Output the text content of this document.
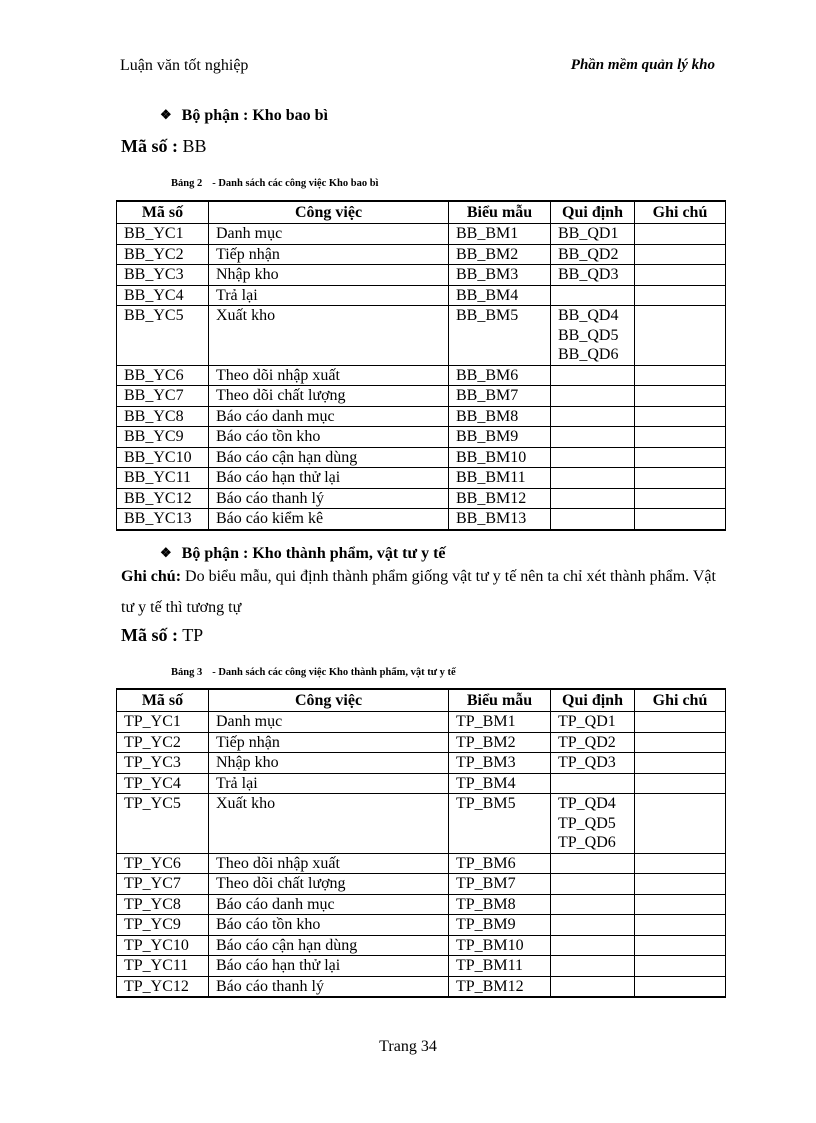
Luận văn tốt nghiệp	Phần mềm quản lý kho
❖ Bộ phận : Kho bao bì
Mã số : BB
Bảng 2 - Danh sách các công việc Kho bao bì
Mã số	Công việc	Biểu mẫu	Qui định	Ghi chú
BB_YC1	Danh mục	BB_BM1	BB_QD1	
BB_YC2	Tiếp nhận	BB_BM2	BB_QD2	
BB_YC3	Nhập kho	BB_BM3	BB_QD3	
BB_YC4	Trả lại	BB_BM4		
BB_YC5	Xuất kho	BB_BM5	BB_QD4
BB_QD5
BB_QD6	
BB_YC6	Theo dõi nhập xuất	BB_BM6		
BB_YC7	Theo dõi chất lượng	BB_BM7		
BB_YC8	Báo cáo danh mục	BB_BM8		
BB_YC9	Báo cáo tồn kho	BB_BM9		
BB_YC10	Báo cáo cận hạn dùng	BB_BM10		
BB_YC11	Báo cáo hạn thử lại	BB_BM11		
BB_YC12	Báo cáo thanh lý	BB_BM12		
BB_YC13	Báo cáo kiểm kê	BB_BM13		
❖ Bộ phận : Kho thành phẩm, vật tư y tế
Ghi chú: Do biểu mẫu, qui định thành phẩm giống vật tư y tế nên ta chỉ xét thành phẩm. Vật tư y tế thì tương tự
Mã số : TP
Bảng 3 - Danh sách các công việc Kho thành phẩm, vật tư y tế
Mã số	Công việc	Biểu mẫu	Qui định	Ghi chú
TP_YC1	Danh mục	TP_BM1	TP_QD1	
TP_YC2	Tiếp nhận	TP_BM2	TP_QD2	
TP_YC3	Nhập kho	TP_BM3	TP_QD3	
TP_YC4	Trả lại	TP_BM4		
TP_YC5	Xuất kho	TP_BM5	TP_QD4
TP_QD5
TP_QD6	
TP_YC6	Theo dõi nhập xuất	TP_BM6		
TP_YC7	Theo dõi chất lượng	TP_BM7		
TP_YC8	Báo cáo danh mục	TP_BM8		
TP_YC9	Báo cáo tồn kho	TP_BM9		
TP_YC10	Báo cáo cận hạn dùng	TP_BM10		
TP_YC11	Báo cáo hạn thử lại	TP_BM11		
TP_YC12	Báo cáo thanh lý	TP_BM12		
Trang 34
